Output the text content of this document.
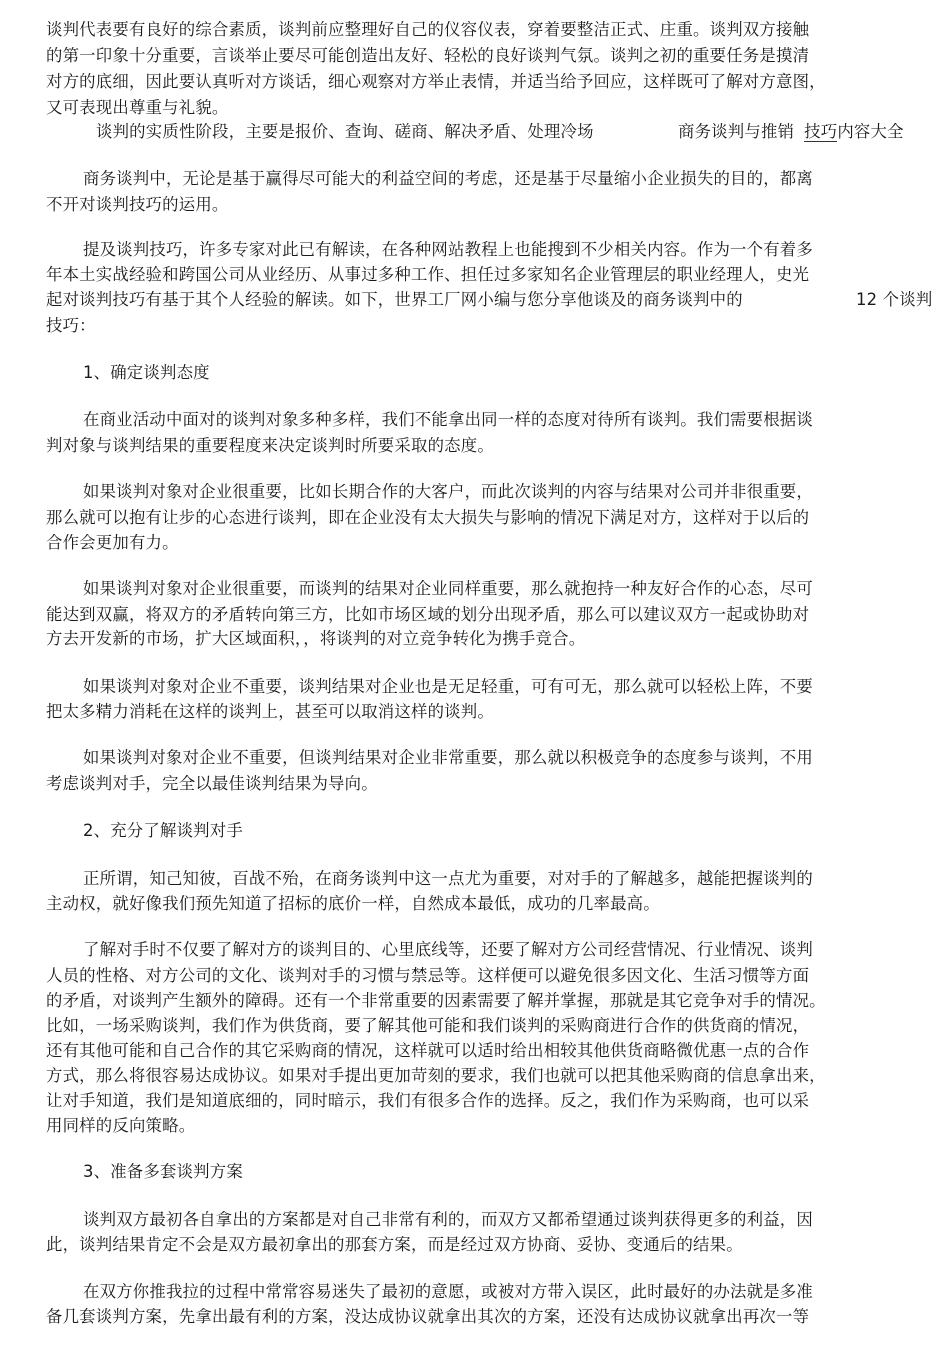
谈判代表要有良好的综合素质，谈判前应整理好自己的仪容仪表，穿着要整洁正式、庄重。谈判双方接触
的第一印象十分重要，言谈举止要尽可能创造出友好、轻松的良好谈判气氛。谈判之初的重要任务是摸清
对方的底细，因此要认真听对方谈话，细心观察对方举止表情，并适当给予回应，这样既可了解对方意图，
又可表现出尊重与礼貌。
谈判的实质性阶段，主要是报价、查询、磋商、解决矛盾、处理冷场	商务谈判与推销 技巧内容大全
商务谈判中，无论是基于赢得尽可能大的利益空间的考虑，还是基于尽量缩小企业损失的目的，都离
不开对谈判技巧的运用。
提及谈判技巧，许多专家对此已有解读，在各种网站教程上也能搜到不少相关内容。作为一个有着多
年本土实战经验和跨国公司从业经历、从事过多种工作、担任过多家知名企业管理层的职业经理人，史光
起对谈判技巧有基于其个人经验的解读。如下，世界工厂网小编与您分享他谈及的商务谈判中的	12 个谈判
技巧：
1、确定谈判态度
在商业活动中面对的谈判对象多种多样，我们不能拿出同一样的态度对待所有谈判。我们需要根据谈
判对象与谈判结果的重要程度来决定谈判时所要采取的态度。
如果谈判对象对企业很重要，比如长期合作的大客户，而此次谈判的内容与结果对公司并非很重要，
那么就可以抱有让步的心态进行谈判，即在企业没有太大损失与影响的情况下满足对方，这样对于以后的
合作会更加有力。
如果谈判对象对企业很重要，而谈判的结果对企业同样重要，那么就抱持一种友好合作的心态，尽可
能达到双赢，将双方的矛盾转向第三方，比如市场区域的划分出现矛盾，那么可以建议双方一起或协助对
方去开发新的市场，扩大区域面积，，将谈判的对立竞争转化为携手竞合。
如果谈判对象对企业不重要，谈判结果对企业也是无足轻重，可有可无，那么就可以轻松上阵，不要
把太多精力消耗在这样的谈判上，甚至可以取消这样的谈判。
如果谈判对象对企业不重要，但谈判结果对企业非常重要，那么就以积极竞争的态度参与谈判，不用
考虑谈判对手，完全以最佳谈判结果为导向。
2、充分了解谈判对手
正所谓，知己知彼，百战不殆，在商务谈判中这一点尤为重要，对对手的了解越多，越能把握谈判的
主动权，就好像我们预先知道了招标的底价一样，自然成本最低，成功的几率最高。
了解对手时不仅要了解对方的谈判目的、心里底线等，还要了解对方公司经营情况、行业情况、谈判
人员的性格、对方公司的文化、谈判对手的习惯与禁忌等。这样便可以避免很多因文化、生活习惯等方面
的矛盾，对谈判产生额外的障碍。还有一个非常重要的因素需要了解并掌握，那就是其它竞争对手的情况。
比如，一场采购谈判，我们作为供货商，要了解其他可能和我们谈判的采购商进行合作的供货商的情况，
还有其他可能和自己合作的其它采购商的情况，这样就可以适时给出相较其他供货商略微优惠一点的合作
方式，那么将很容易达成协议。如果对手提出更加苛刻的要求，我们也就可以把其他采购商的信息拿出来，
让对手知道，我们是知道底细的，同时暗示，我们有很多合作的选择。反之，我们作为采购商，也可以采
用同样的反向策略。
3、准备多套谈判方案
谈判双方最初各自拿出的方案都是对自己非常有利的，而双方又都希望通过谈判获得更多的利益，因
此，谈判结果肯定不会是双方最初拿出的那套方案，而是经过双方协商、妥协、变通后的结果。
在双方你推我拉的过程中常常容易迷失了最初的意愿，或被对方带入误区，此时最好的办法就是多准
备几套谈判方案，先拿出最有利的方案，没达成协议就拿出其次的方案，还没有达成协议就拿出再次一等
